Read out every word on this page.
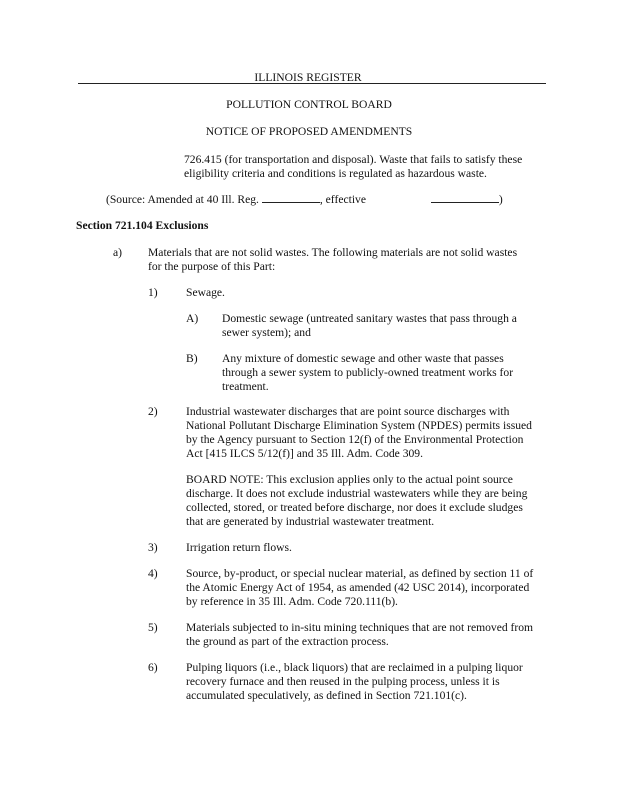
ILLINOIS REGISTER
POLLUTION CONTROL BOARD
NOTICE OF PROPOSED AMENDMENTS
726.415 (for transportation and disposal). Waste that fails to satisfy these
eligibility criteria and conditions is regulated as hazardous waste.
(Source: Amended at 40 Ill. Reg.	, effective	)
Section 721.104 Exclusions
a) Materials that are not solid wastes. The following materials are not solid wastes
for the purpose of this Part:
1) Sewage.
A) Domestic sewage (untreated sanitary wastes that pass through a
sewer system); and
B) Any mixture of domestic sewage and other waste that passes
through a sewer system to publicly-owned treatment works for
treatment.
2) Industrial wastewater discharges that are point source discharges with
National Pollutant Discharge Elimination System (NPDES) permits issued
by the Agency pursuant to Section 12(f) of the Environmental Protection
Act [415 ILCS 5/12(f)] and 35 Ill. Adm. Code 309.
BOARD NOTE: This exclusion applies only to the actual point source
discharge. It does not exclude industrial wastewaters while they are being
collected, stored, or treated before discharge, nor does it exclude sludges
that are generated by industrial wastewater treatment.
3) Irrigation return flows.
4) Source, by-product, or special nuclear material, as defined by section 11 of
the Atomic Energy Act of 1954, as amended (42 USC 2014), incorporated
by reference in 35 Ill. Adm. Code 720.111(b).
5) Materials subjected to in-situ mining techniques that are not removed from
the ground as part of the extraction process.
6) Pulping liquors (i.e., black liquors) that are reclaimed in a pulping liquor
recovery furnace and then reused in the pulping process, unless it is
accumulated speculatively, as defined in Section 721.101(c).
